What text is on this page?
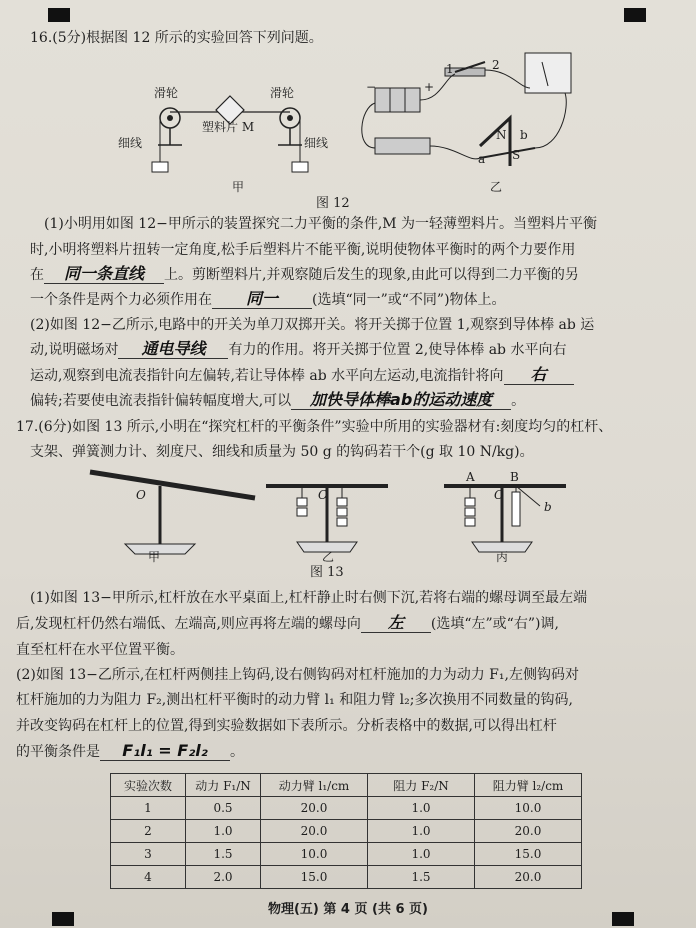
16.(5分)根据图 12 所示的实验回答下列问题。
滑轮	滑轮
塑料片 M
细线	细线
甲
1	2
+
−
N
S
a
b
乙
图 12
(1)小明用如图 12−甲所示的装置探究二力平衡的条件,M 为一轻薄塑料片。当塑料片平衡
时,小明将塑料片扭转一定角度,松手后塑料片不能平衡,说明使物体平衡时的两个力要作用
在 同一条直线 上。剪断塑料片,并观察随后发生的现象,由此可以得到二力平衡的另
一个条件是两个力必须作用在 同一 (选填“同一”或“不同”)物体上。
(2)如图 12−乙所示,电路中的开关为单刀双掷开关。将开关掷于位置 1,观察到导体棒 ab 运
动,说明磁场对 通电导线 有力的作用。将开关掷于位置 2,使导体棒 ab 水平向右
运动,观察到电流表指针向左偏转,若让导体棒 ab 水平向左运动,电流指针将向 右
偏转;若要使电流表指针偏转幅度增大,可以 加快导体棒ab的运动速度 。
17.(6分)如图 13 所示,小明在“探究杠杆的平衡条件”实验中所用的实验器材有:刻度均匀的杠杆、
支架、弹簧测力计、刻度尺、细线和质量为 50 g 的钩码若干个(g 取 10 N/kg)。
O
甲
O
乙
A	B
O
b
丙
图 13
(1)如图 13−甲所示,杠杆放在水平桌面上,杠杆静止时右侧下沉,若将右端的螺母调至最左端
后,发现杠杆仍然右端低、左端高,则应再将左端的螺母向 左 (选填“左”或“右”)调,
直至杠杆在水平位置平衡。
(2)如图 13−乙所示,在杠杆两侧挂上钩码,设右侧钩码对杠杆施加的力为动力 F₁,左侧钩码对
杠杆施加的力为阻力 F₂,测出杠杆平衡时的动力臂 l₁ 和阻力臂 l₂;多次换用不同数量的钩码,
并改变钩码在杠杆上的位置,得到实验数据如下表所示。分析表格中的数据,可以得出杠杆
的平衡条件是 F₁l₁ = F₂l₂ 。
实验次数	动力 F₁/N	动力臂 l₁/cm	阻力 F₂/N	阻力臂 l₂/cm
1	0.5	20.0	1.0	10.0
2	1.0	20.0	1.0	20.0
3	1.5	10.0	1.0	15.0
4	2.0	15.0	1.5	20.0
物理(五) 第 4 页 (共 6 页)
